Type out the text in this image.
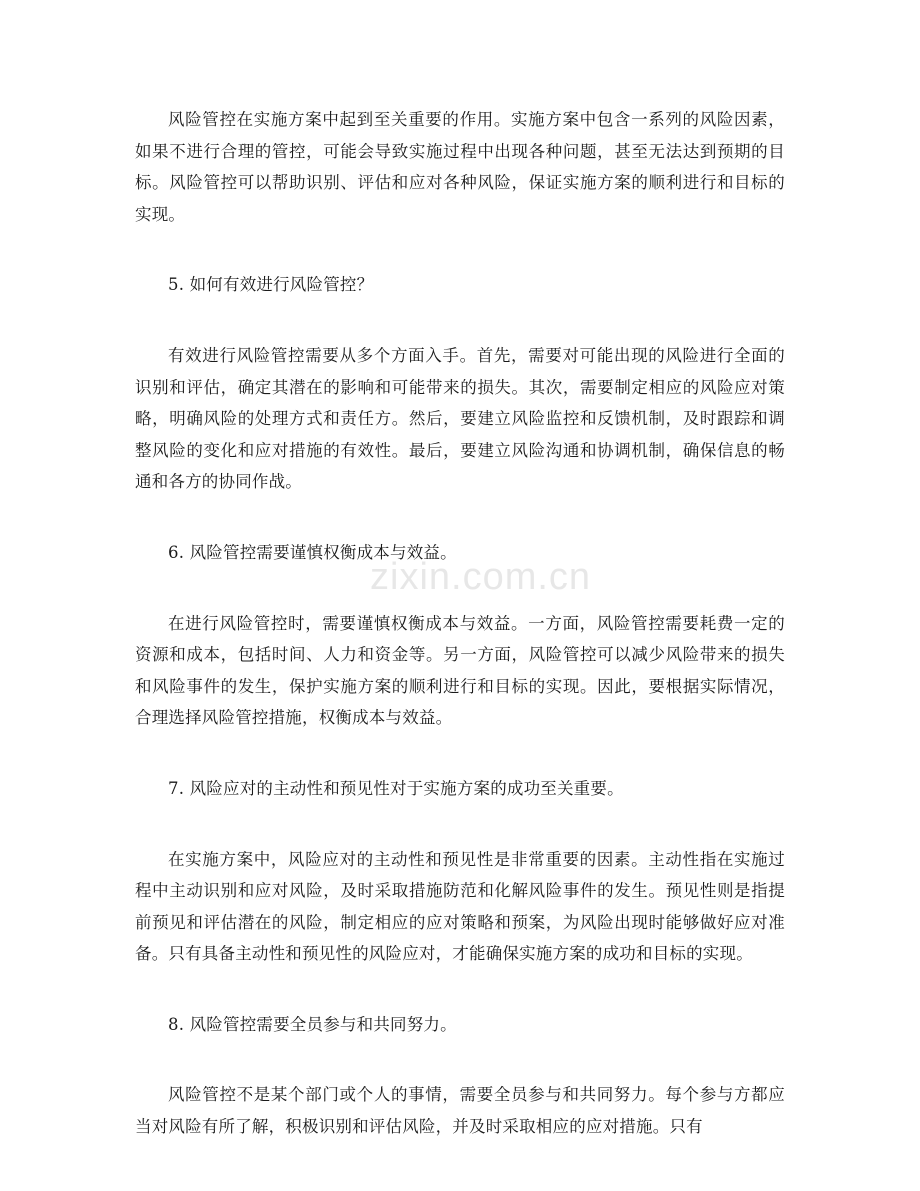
风险管控在实施方案中起到至关重要的作用。实施方案中包含一系列的风险因素，如果不进行合理的管控，可能会导致实施过程中出现各种问题，甚至无法达到预期的目标。风险管控可以帮助识别、评估和应对各种风险，保证实施方案的顺利进行和目标的实现。

5. 如何有效进行风险管控？

有效进行风险管控需要从多个方面入手。首先，需要对可能出现的风险进行全面的识别和评估，确定其潜在的影响和可能带来的损失。其次，需要制定相应的风险应对策略，明确风险的处理方式和责任方。然后，要建立风险监控和反馈机制，及时跟踪和调整风险的变化和应对措施的有效性。最后，要建立风险沟通和协调机制，确保信息的畅通和各方的协同作战。

6. 风险管控需要谨慎权衡成本与效益。

在进行风险管控时，需要谨慎权衡成本与效益。一方面，风险管控需要耗费一定的资源和成本，包括时间、人力和资金等。另一方面，风险管控可以减少风险带来的损失和风险事件的发生，保护实施方案的顺利进行和目标的实现。因此，要根据实际情况，合理选择风险管控措施，权衡成本与效益。

7. 风险应对的主动性和预见性对于实施方案的成功至关重要。

在实施方案中，风险应对的主动性和预见性是非常重要的因素。主动性指在实施过程中主动识别和应对风险，及时采取措施防范和化解风险事件的发生。预见性则是指提前预见和评估潜在的风险，制定相应的应对策略和预案，为风险出现时能够做好应对准备。只有具备主动性和预见性的风险应对，才能确保实施方案的成功和目标的实现。

8. 风险管控需要全员参与和共同努力。

风险管控不是某个部门或个人的事情，需要全员参与和共同努力。每个参与方都应当对风险有所了解，积极识别和评估风险，并及时采取相应的应对措施。只有

zixin.com.cn
